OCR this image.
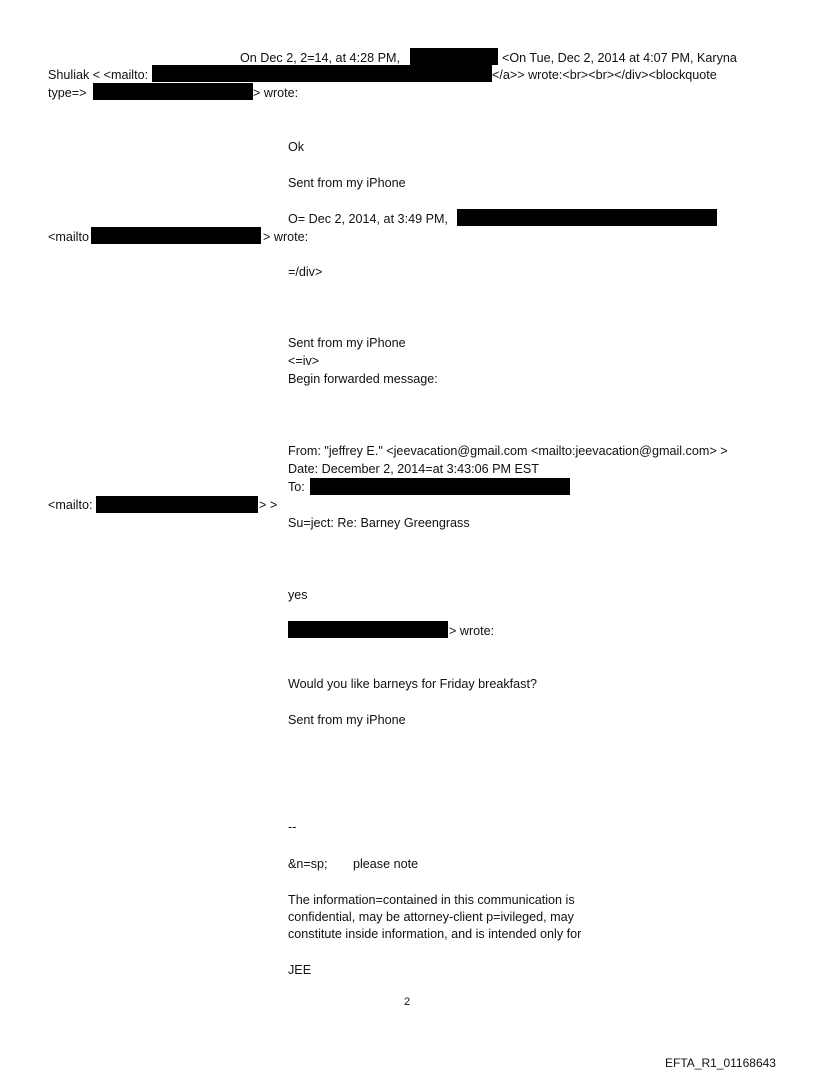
On Dec 2, 2=14, at 4:28 PM,	<On Tue, Dec 2, 2014 at 4:07 PM, Karyna
Shuliak < <mailto:	</a>> wrote:<br><br></div><blockquote
type=>	> wrote:
Ok
Sent from my iPhone
O= Dec 2, 2014, at 3:49 PM,
<mailto	> wrote:
=/div>
Sent from my iPhone
<=iv>
Begin forwarded message:
From: "jeffrey E." <jeevacation@gmail.com <mailto:jeevacation@gmail.com> >
Date: December 2, 2014=at 3:43:06 PM EST
To:
<mailto:	> >
Su=ject: Re: Barney Greengrass
yes
> wrote:
Would you like barneys for Friday breakfast?
Sent from my iPhone
--
&n=sp; please note
The information=contained in this communication is
confidential, may be attorney-client p=ivileged, may
constitute inside information, and is intended only for
JEE
2
EFTA_R1_01168643
